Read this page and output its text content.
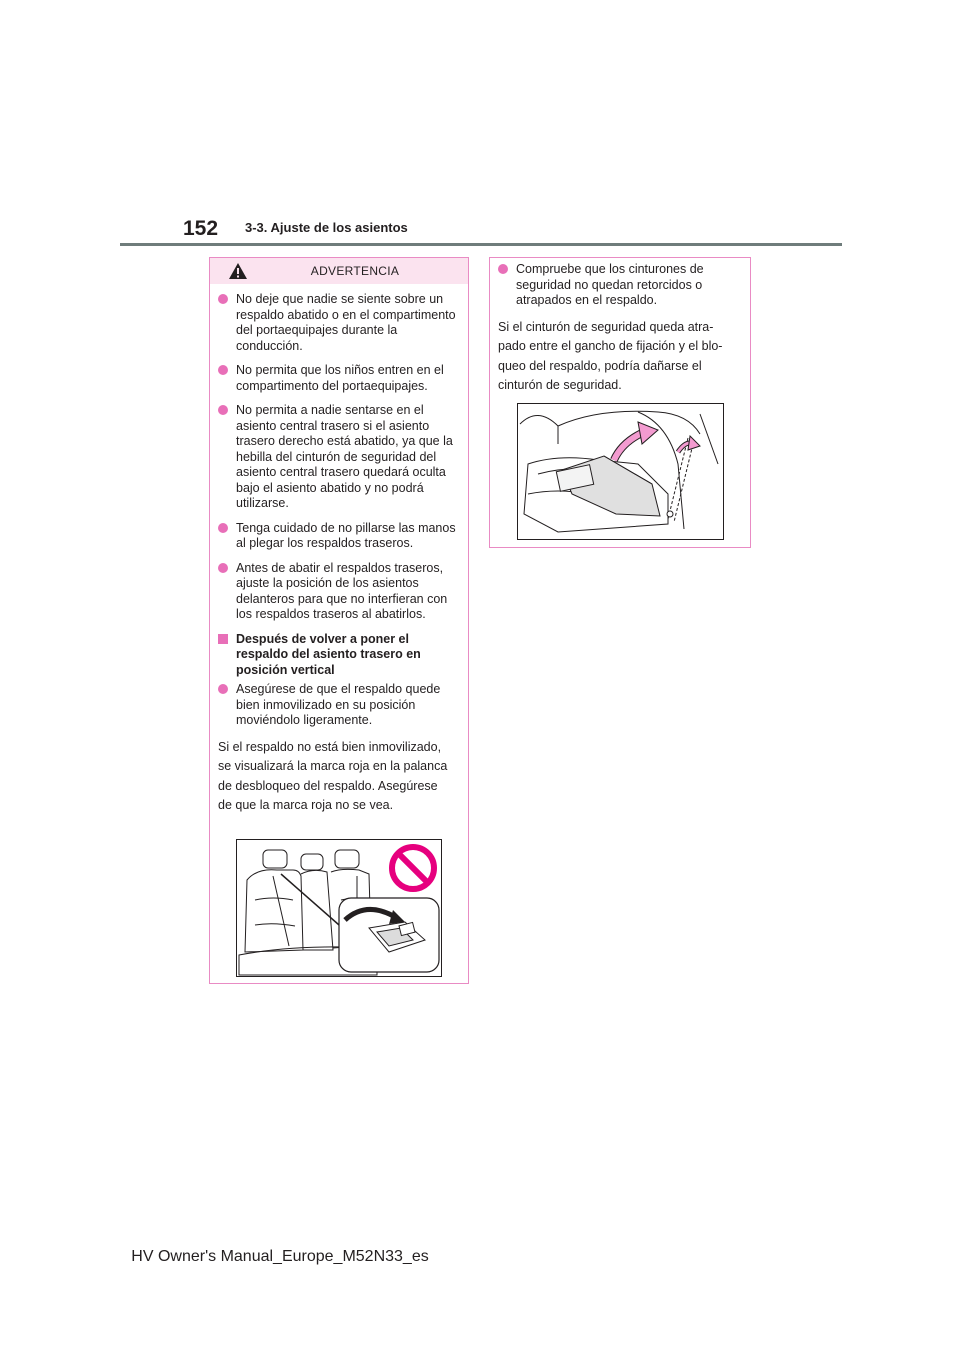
152 3-3. Ajuste de los asientos
ADVERTENCIA
No deje que nadie se siente sobre un respaldo abatido o en el compartimento del portaequipajes durante la conducción.
No permita que los niños entren en el compartimento del portaequipajes.
No permita a nadie sentarse en el asiento central trasero si el asiento trasero derecho está abatido, ya que la hebilla del cinturón de seguridad del asiento central trasero quedará oculta bajo el asiento abatido y no podrá utilizarse.
Tenga cuidado de no pillarse las manos al plegar los respaldos traseros.
Antes de abatir el respaldos traseros, ajuste la posición de los asientos delanteros para que no interfieran con los respaldos traseros al abatirlos.
Después de volver a poner el respaldo del asiento trasero en posición vertical
Asegúrese de que el respaldo quede bien inmovilizado en su posición moviéndolo ligeramente.
Si el respaldo no está bien inmovilizado,
se visualizará la marca roja en la palanca
de desbloqueo del respaldo. Asegúrese
de que la marca roja no se vea.
Compruebe que los cinturones de seguridad no quedan retorcidos o atrapados en el respaldo.
Si el cinturón de seguridad queda atra-
pado entre el gancho de fijación y el blo-
queo del respaldo, podría dañarse el
cinturón de seguridad.
HV Owner's Manual_Europe_M52N33_es
